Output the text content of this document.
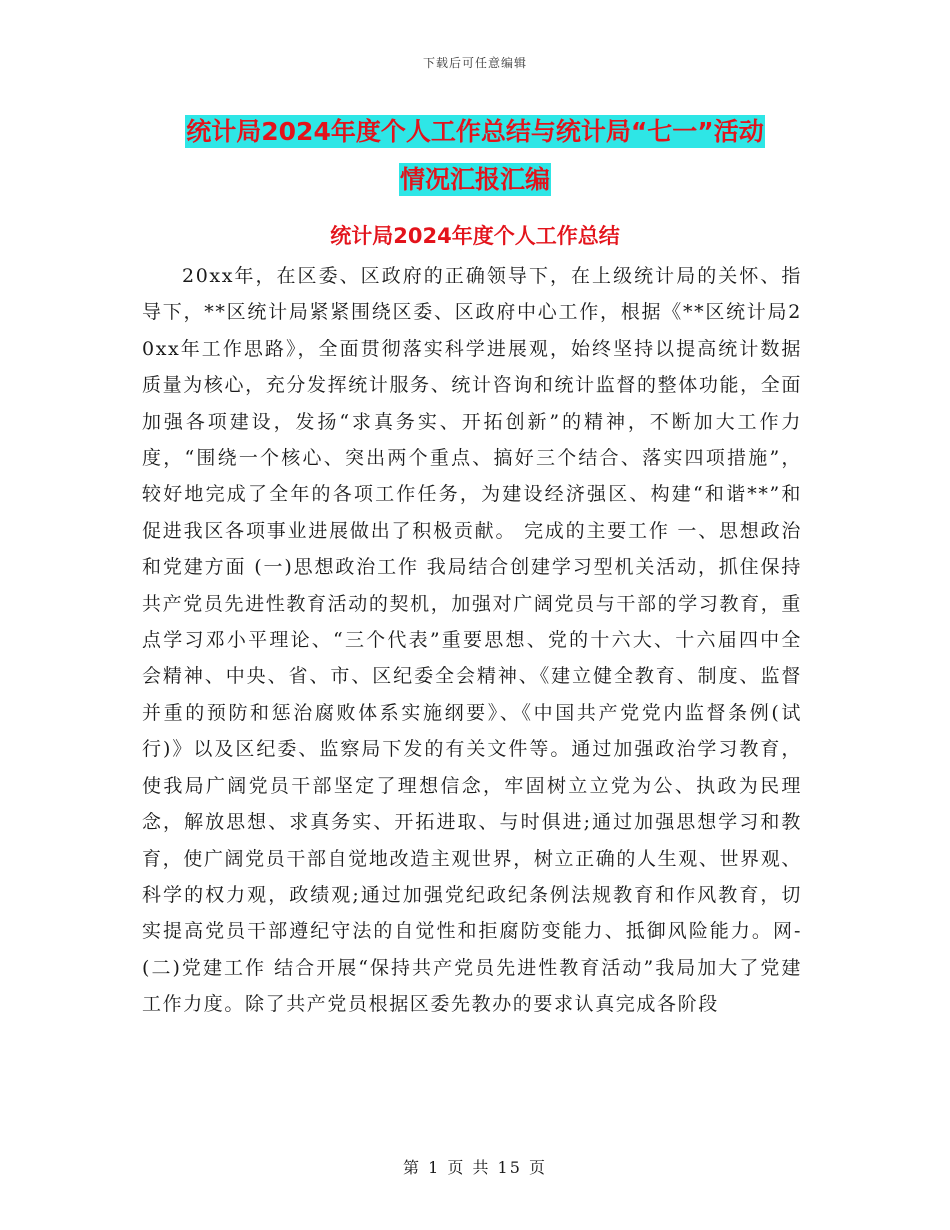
下载后可任意编辑
统计局2024年度个人工作总结与统计局“七一”活动
情况汇报汇编
统计局2024年度个人工作总结

20xx年，在区委、区政府的正确领导下，在上级统计局的关怀、指导下，**区统计局紧紧围绕区委、区政府中心工作，根据《**区统计局20xx年工作思路》，全面贯彻落实科学进展观，始终坚持以提高统计数据质量为核心，充分发挥统计服务、统计咨询和统计监督的整体功能，全面加强各项建设，发扬“求真务实、开拓创新”的精神，不断加大工作力度，“围绕一个核心、突出两个重点、搞好三个结合、落实四项措施”，较好地完成了全年的各项工作任务，为建设经济强区、构建“和谐**”和促进我区各项事业进展做出了积极贡献。 完成的主要工作 一、思想政治和党建方面 (一)思想政治工作 我局结合创建学习型机关活动，抓住保持共产党员先进性教育活动的契机，加强对广阔党员与干部的学习教育，重点学习邓小平理论、“三个代表”重要思想、党的十六大、十六届四中全会精神、中央、省、市、区纪委全会精神、《建立健全教育、制度、监督并重的预防和惩治腐败体系实施纲要》、《中国共产党党内监督条例(试行)》以及区纪委、监察局下发的有关文件等。通过加强政治学习教育，使我局广阔党员干部坚定了理想信念，牢固树立立党为公、执政为民理念，解放思想、求真务实、开拓进取、与时俱进;通过加强思想学习和教育，使广阔党员干部自觉地改造主观世界，树立正确的人生观、世界观、科学的权力观，政绩观;通过加强党纪政纪条例法规教育和作风教育，切实提高党员干部遵纪守法的自觉性和拒腐防变能力、抵御风险能力。网- (二)党建工作 结合开展“保持共产党员先进性教育活动”我局加大了党建工作力度。除了共产党员根据区委先教办的要求认真完成各阶段

第 1 页 共 15 页
